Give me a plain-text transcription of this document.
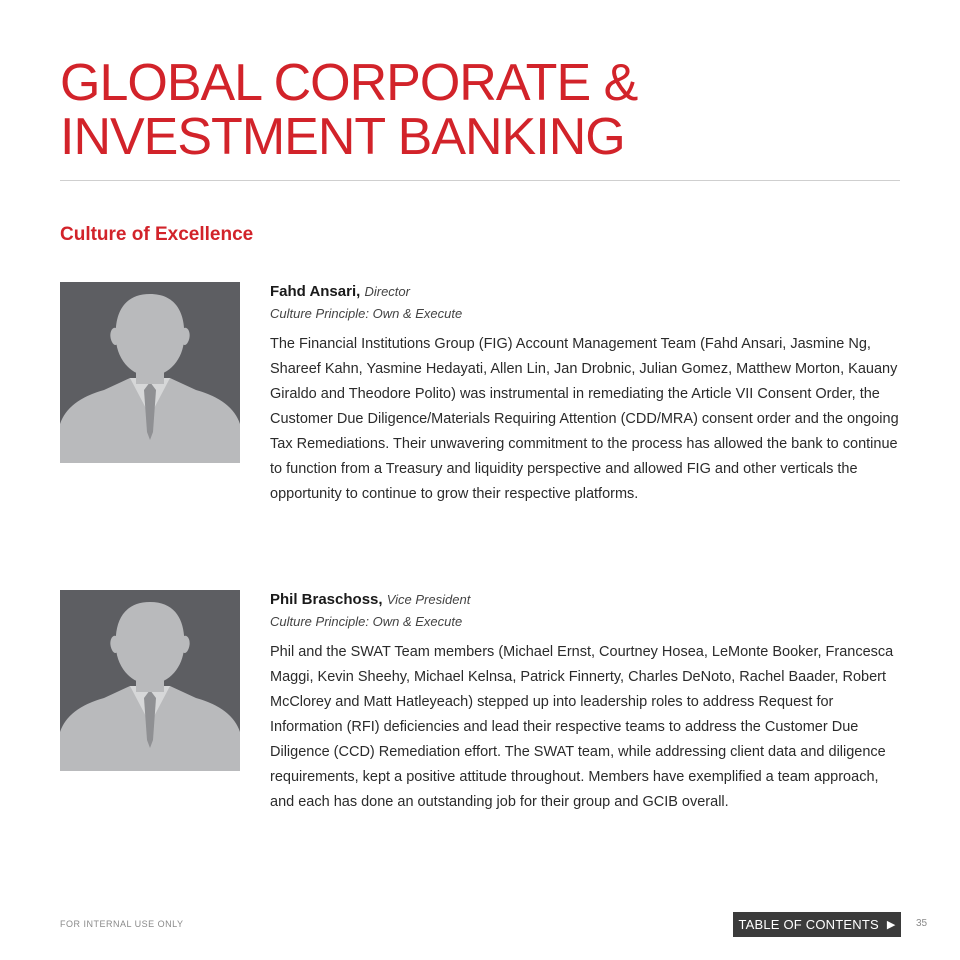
GLOBAL CORPORATE &
INVESTMENT BANKING
Culture of Excellence

Fahd Ansari, Director

Culture Principle: Own & Execute

The Financial Institutions Group (FIG) Account Management Team (Fahd Ansari, Jasmine Ng, Shareef Kahn, Yasmine Hedayati, Allen Lin, Jan Drobnic, Julian Gomez, Matthew Morton, Kauany Giraldo and Theodore Polito) was instrumental in remediating the Article VII Consent Order, the Customer Due Diligence/Materials Requiring Attention (CDD/MRA) consent order and the ongoing Tax Remediations. Their unwavering commitment to the process has allowed the bank to continue to function from a Treasury and liquidity perspective and allowed FIG and other verticals the opportunity to continue to grow their respective platforms.

Phil Braschoss, Vice President

Culture Principle: Own & Execute

Phil and the SWAT Team members (Michael Ernst, Courtney Hosea, LeMonte Booker, Francesca Maggi, Kevin Sheehy, Michael Kelnsa, Patrick Finnerty, Charles DeNoto, Rachel Baader, Robert McClorey and Matt Hatleyeach) stepped up into leadership roles to address Request for Information (RFI) deficiencies and lead their respective teams to address the Customer Due Diligence (CCD) Remediation effort. The SWAT team, while addressing client data and diligence requirements, kept a positive attitude throughout. Members have exemplified a team approach, and each has done an outstanding job for their group and GCIB overall.

FOR INTERNAL USE ONLY	TABLE OF CONTENTS ▶ 35
